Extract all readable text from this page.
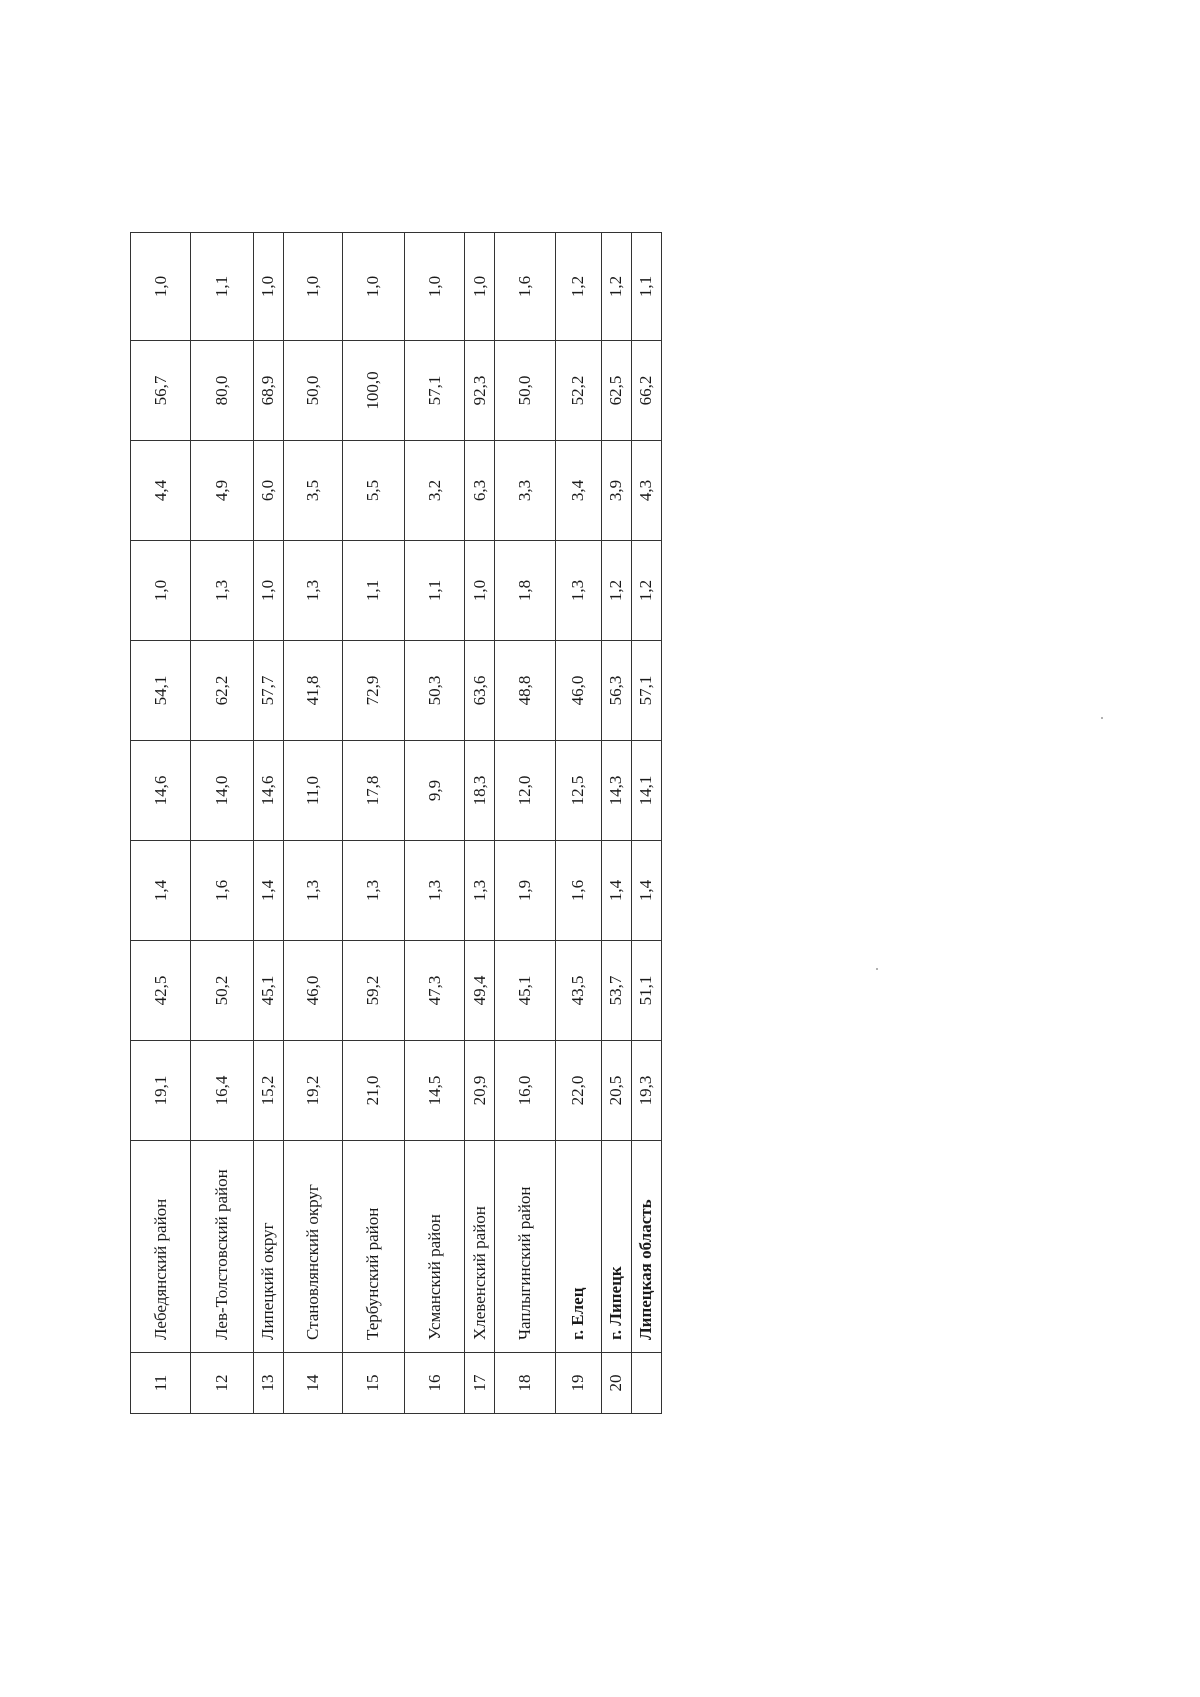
11	Лебедянский район	19,1	42,5	1,4	14,6	54,1	1,0	4,4	56,7	1,0
12	Лев-Толстовский район	16,4	50,2	1,6	14,0	62,2	1,3	4,9	80,0	1,1
13	Липецкий округ	15,2	45,1	1,4	14,6	57,7	1,0	6,0	68,9	1,0
14	Становлянский округ	19,2	46,0	1,3	11,0	41,8	1,3	3,5	50,0	1,0
15	Тербунский район	21,0	59,2	1,3	17,8	72,9	1,1	5,5	100,0	1,0
16	Усманский район	14,5	47,3	1,3	9,9	50,3	1,1	3,2	57,1	1,0
17	Хлевенский район	20,9	49,4	1,3	18,3	63,6	1,0	6,3	92,3	1,0
18	Чаплыгинский район	16,0	45,1	1,9	12,0	48,8	1,8	3,3	50,0	1,6
19	г. Елец	22,0	43,5	1,6	12,5	46,0	1,3	3,4	52,2	1,2
20	г. Липецк	20,5	53,7	1,4	14,3	56,3	1,2	3,9	62,5	1,2
	Липецкая область	19,3	51,1	1,4	14,1	57,1	1,2	4,3	66,2	1,1
